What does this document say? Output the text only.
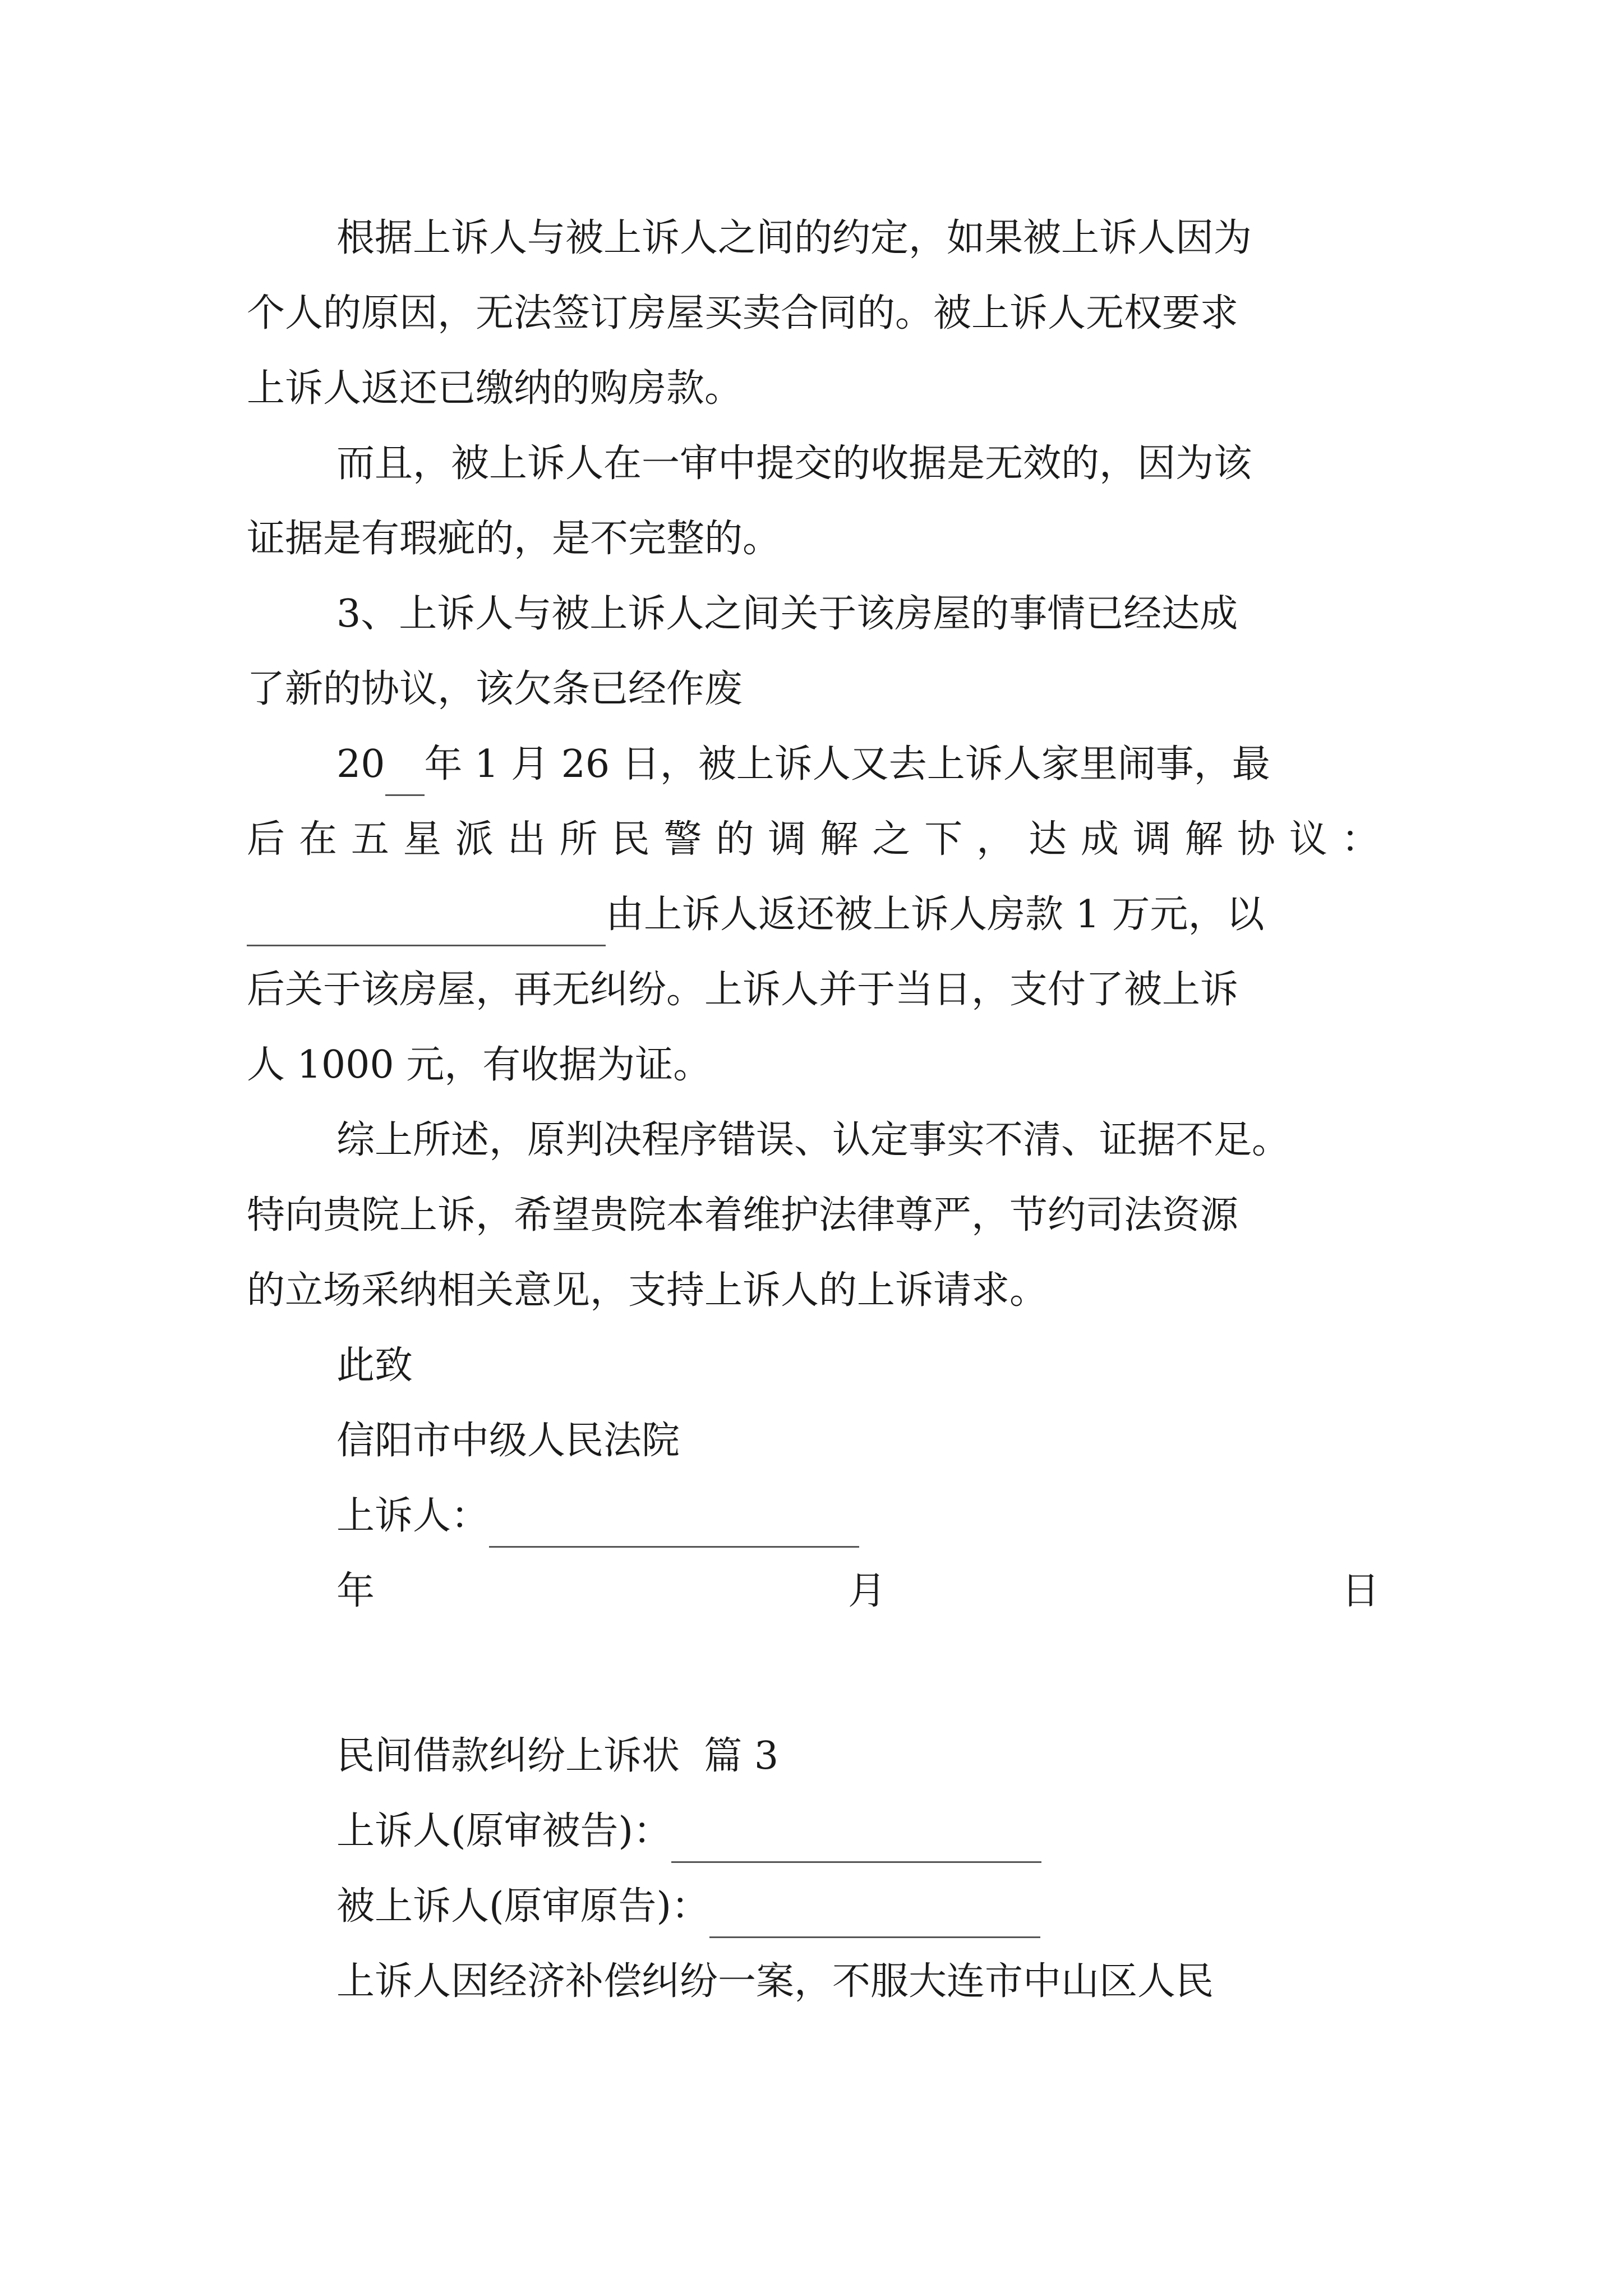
根据上诉人与被上诉人之间的约定，如果被上诉人因为
个人的原因，无法签订房屋买卖合同的。被上诉人无权要求
上诉人返还已缴纳的购房款。
而且，被上诉人在一审中提交的收据是无效的，因为该
证据是有瑕疵的，是不完整的。
3、上诉人与被上诉人之间关于该房屋的事情已经达成
了新的协议，该欠条已经作废
20 年 1 月 26 日，被上诉人又去上诉人家里闹事，最
后 在 五 星 派 出 所 民 警 的 调 解 之 下 ， 达 成 调 解 协 议 ：
由上诉人返还被上诉人房款 1 万元，以
后关于该房屋，再无纠纷。上诉人并于当日，支付了被上诉
人 1000 元，有收据为证。
综上所述，原判决程序错误、认定事实不清、证据不足。
特向贵院上诉，希望贵院本着维护法律尊严，节约司法资源
的立场采纳相关意见，支持上诉人的上诉请求。
此致
信阳市中级人民法院
上诉人：
年	月	日
民间借款纠纷上诉状  篇 3
上诉人(原审被告)：
被上诉人(原审原告)：
上诉人因经济补偿纠纷一案，不服大连市中山区人民
